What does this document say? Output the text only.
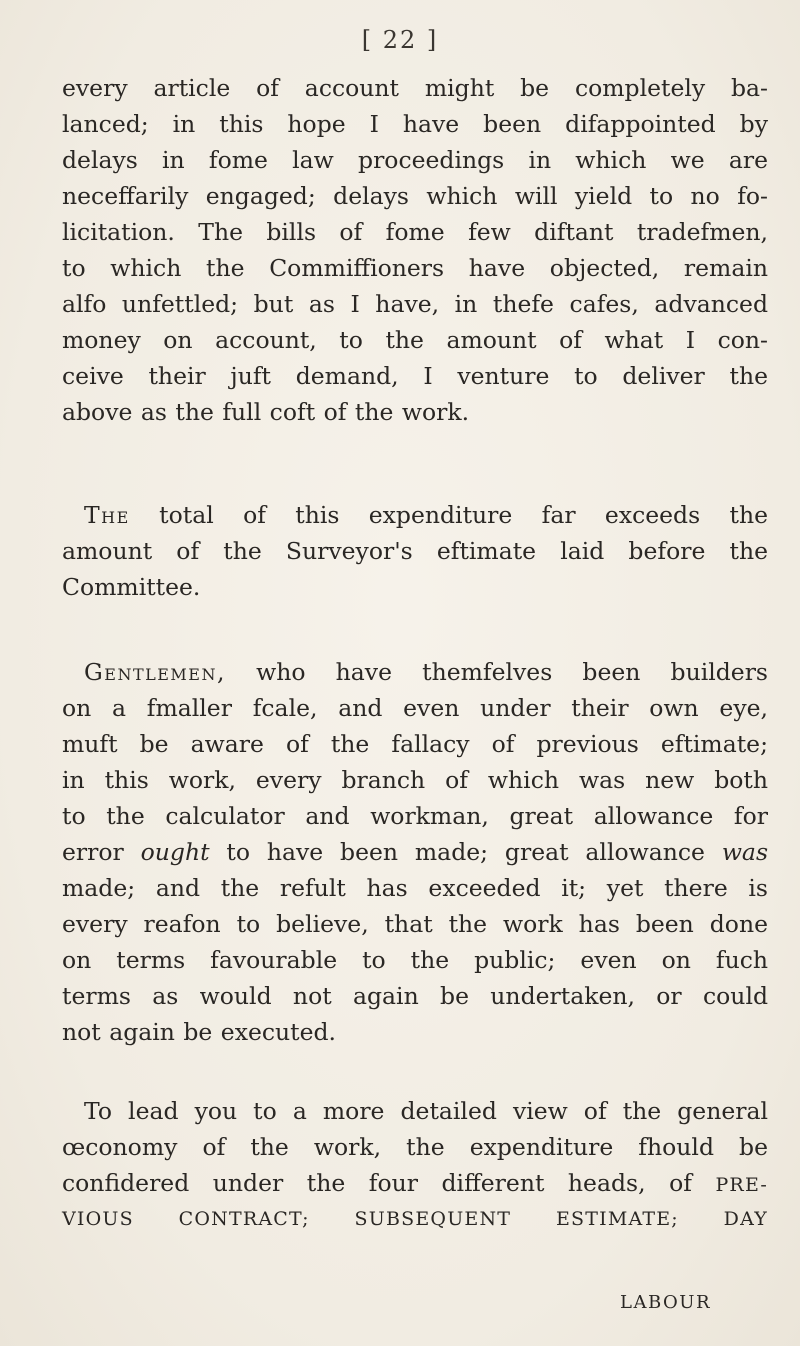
[ 22 ]
every article of account might be completely ba-
lanced; in this hope I have been difappointed by
delays in fome law proceedings in which we are
neceffarily engaged; delays which will yield to no fo-
licitation. The bills of fome few diftant tradefmen,
to which the Commiffioners have objected, remain
alfo unfettled; but as I have, in thefe cafes, advanced
money on account, to the amount of what I con-
ceive their juft demand, I venture to deliver the
above as the full coft of the work.
The total of this expenditure far exceeds the
amount of the Surveyor's eftimate laid before the
Committee.
Gentlemen, who have themfelves been builders
on a fmaller fcale, and even under their own eye,
muft be aware of the fallacy of previous eftimate;
in this work, every branch of which was new both
to the calculator and workman, great allowance for
error ought to have been made; great allowance was
made; and the refult has exceeded it; yet there is
every reafon to believe, that the work has been done
on terms favourable to the public; even on fuch
terms as would not again be undertaken, or could
not again be executed.
To lead you to a more detailed view of the general
œconomy of the work, the expenditure fhould be
confidered under the four different heads, of PRE-
VIOUS CONTRACT; SUBSEQUENT ESTIMATE; DAY
LABOUR
